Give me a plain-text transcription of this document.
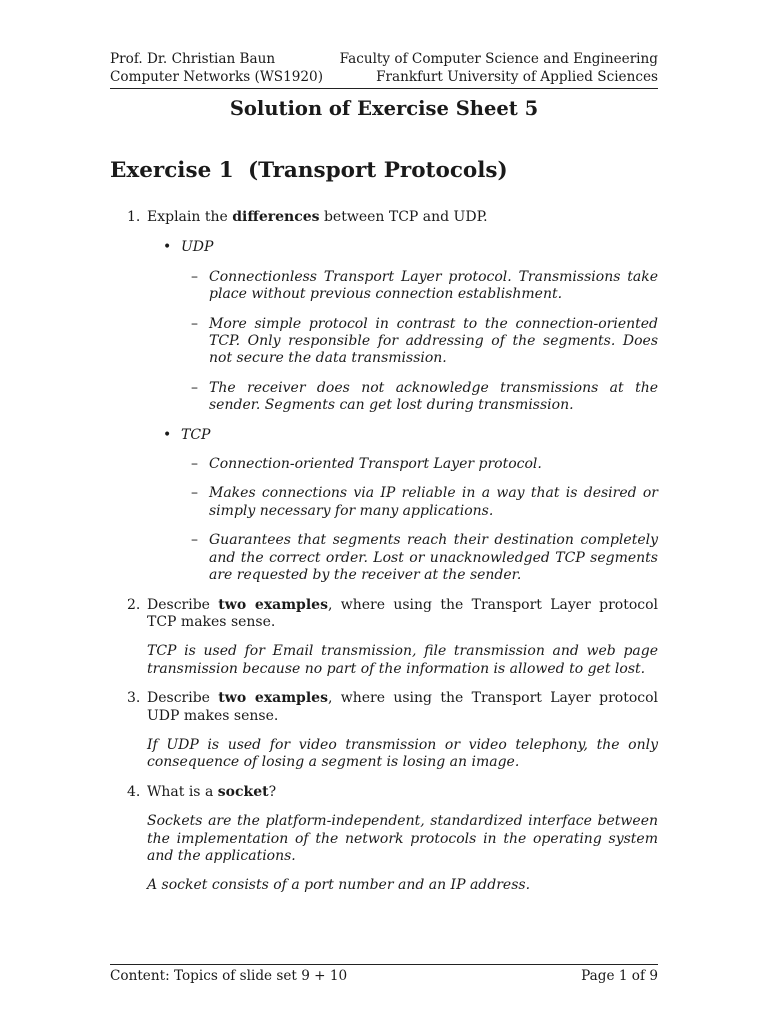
Prof. Dr. Christian Baun	Faculty of Computer Science and Engineering
Computer Networks (WS1920)	Frankfurt University of Applied Sciences
Solution of Exercise Sheet 5
Exercise 1 (Transport Protocols)
1. Explain the differences between TCP and UDP.
• UDP
– Connectionless Transport Layer protocol. Transmissions take place without previous connection establishment.
– More simple protocol in contrast to the connection-oriented TCP. Only responsible for addressing of the segments. Does not secure the data transmission.
– The receiver does not acknowledge transmissions at the sender. Segments can get lost during transmission.
• TCP
– Connection-oriented Transport Layer protocol.
– Makes connections via IP reliable in a way that is desired or simply necessary for many applications.
– Guarantees that segments reach their destination completely and the correct order. Lost or unacknowledged TCP segments are requested by the receiver at the sender.
2. Describe two examples, where using the Transport Layer protocol TCP makes sense.
TCP is used for Email transmission, file transmission and web page transmission because no part of the information is allowed to get lost.
3. Describe two examples, where using the Transport Layer protocol UDP makes sense.
If UDP is used for video transmission or video telephony, the only consequence of losing a segment is losing an image.
4. What is a socket?
Sockets are the platform-independent, standardized interface between the implementation of the network protocols in the operating system and the applications.
A socket consists of a port number and an IP address.
Content: Topics of slide set 9 + 10	Page 1 of 9
